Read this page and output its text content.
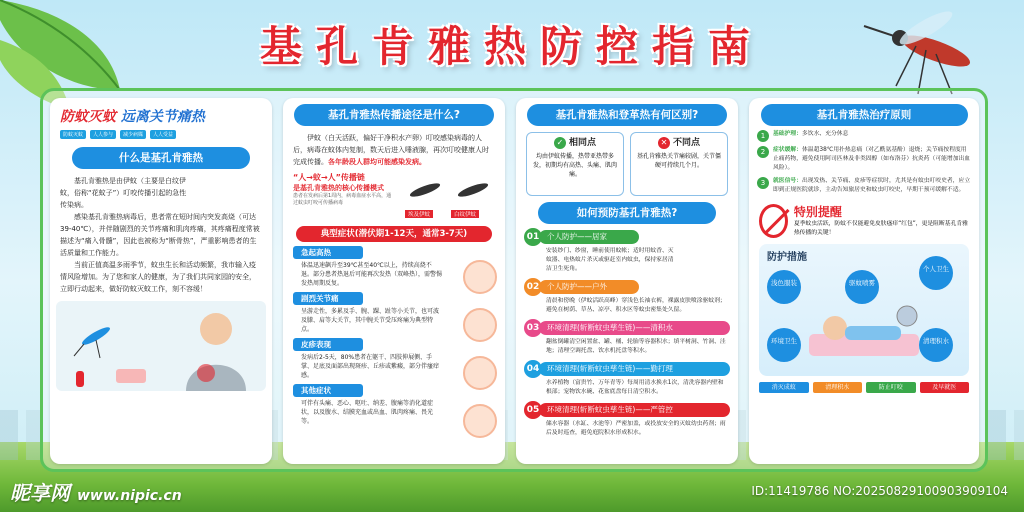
基孔肯雅热防控指南
防蚊灭蚊 远离关节痛热
防蚊灭蚊	人人参与	减少病媒	人人受益
什么是基孔肯雅热

基孔肯雅热是由伊蚊（主要是白纹伊蚊，俗称“花蚊子”）叮咬传播引起的急性传染病。

感染基孔肯雅热病毒后，患者常在短时间内突发高烧（可达39-40℃），并伴随剧烈的关节疼痛和肌肉疼痛，其疼痛程度常被描述为“痛入骨髓”，因此也被称为“断骨热”，严重影响患者的生活质量和工作能力。

当前正值高温多雨季节，蚊虫生长和活动频繁，我市输入疫情风险增加。为了您和家人的健康，为了我们共同家园的安全，立即行动起来，做好防蚊灭蚊工作，刻不容缓！

基孔肯雅热传播途径是什么?

伊蚊（白天活跃，偏好干净积水产卵）叮咬感染病毒的人后，病毒在蚊体内复制，数天后进入唾液腺，再次叮咬健康人时完成传播。各年龄段人群均可能感染发病。

“人→蚊→人”传播链
是基孔肯雅热的核心传播模式
患者在发病后第1周内，病毒血症水平高，通过蚊虫叮咬可传播病毒
埃及伊蚊	白纹伊蚊
典型症状(潜伏期1-12天，通常3-7天)
急起高热
体温迅速飙升至39℃甚至40℃以上，持续高烧不退。部分患者热退后可能再次发热（双峰热），需警惕发热周期反复。
剧烈关节痛
呈游走性，多累及手、腕、踝、趾等小关节，也可波及膝、肩等大关节，其中腕关节受压疼痛为典型特点。
皮疹表现
发病后2-5天，80%患者在躯干、四肢伸展侧、手掌、足底及面部出现斑疹、丘疹或紫癜，部分伴瘙痒感。
其他症状
可伴有头痛、恶心、呕吐、纳差、腹痛等消化道症状，以及腹水、结膜充血或出血、肌肉疼痛、畏光等。
基孔肯雅热和登革热有何区别?
✓ 相同点
均由伊蚊传播，热带亚热带多发，初期均有高热、头痛、肌肉痛。
✕ 不同点
基孔肯雅热关节痛较剧，关节僵硬可持续几个月。
如何预防基孔肯雅热?
01	个人防护——居家
安装纱门、纱窗，睡前使用蚊帐；适时用蚊香、灭蚊器、电热蚊片杀灭或驱赶室内蚊虫，保持家居清洁卫生死角。
02	个人防护——户外
清晨和傍晚（伊蚊活跃高峰）穿浅色长袖衣裤，裸露皮肤喷涂驱蚊剂；避免在树荫、草丛、凉亭、积水区等蚊虫密集处久留。
03	环境清理(斩断蚊虫孳生链)——清积水
翻盆倒罐清空闲置盆、罐、桶、轮胎等容器积水；填平树洞、竹洞、洼地；清理空调托盘、饮水机托盘等积水。
04	环境清理(斩断蚊虫孳生链)——勤打理
水养植物（富贵竹、万年青等）每周用清水换水1次，清洗容器内壁和根部；宠物饮水碗、花盆底盘每日清空积水。
05	环境清理(斩断蚊虫孳生链)——严管控
储水容器（水缸、水池等）严密加盖，或投放安全的灭蚊幼虫药剂；雨后及时巡查，避免庭院积水形成积水。
基孔肯雅热治疗原则
1	基础护理：多饮水、充分休息
2	症状缓解：体温超38℃用扑热息痛（对乙酰氨基酚）退烧；关节痛按程度用止痛药物，避免使用阿司匹林及非类固醇（如布洛芬）抗炎药（可能增加出血风险）。
3	就医信号：出现发热、关节痛、皮疹等症状时，尤其是有蚊虫叮咬史者，应立即到正规医院就诊，主动告知旅居史和蚊虫叮咬史，早期干预可缓解不适。
特别提醒
夏季蚊虫活跃，防蚊不仅能避免皮肤瘙痒“红包”，更是阻断基孔肯雅热传播的关键！
防护措施
浅色服装	驱蚊喷雾
个人卫生
环境卫生	清理积水
消灭成蚊	清理积水	防止叮咬	及早就医
昵享网 www.nipic.cn	ID:11419786 NO:20250829100903909104
